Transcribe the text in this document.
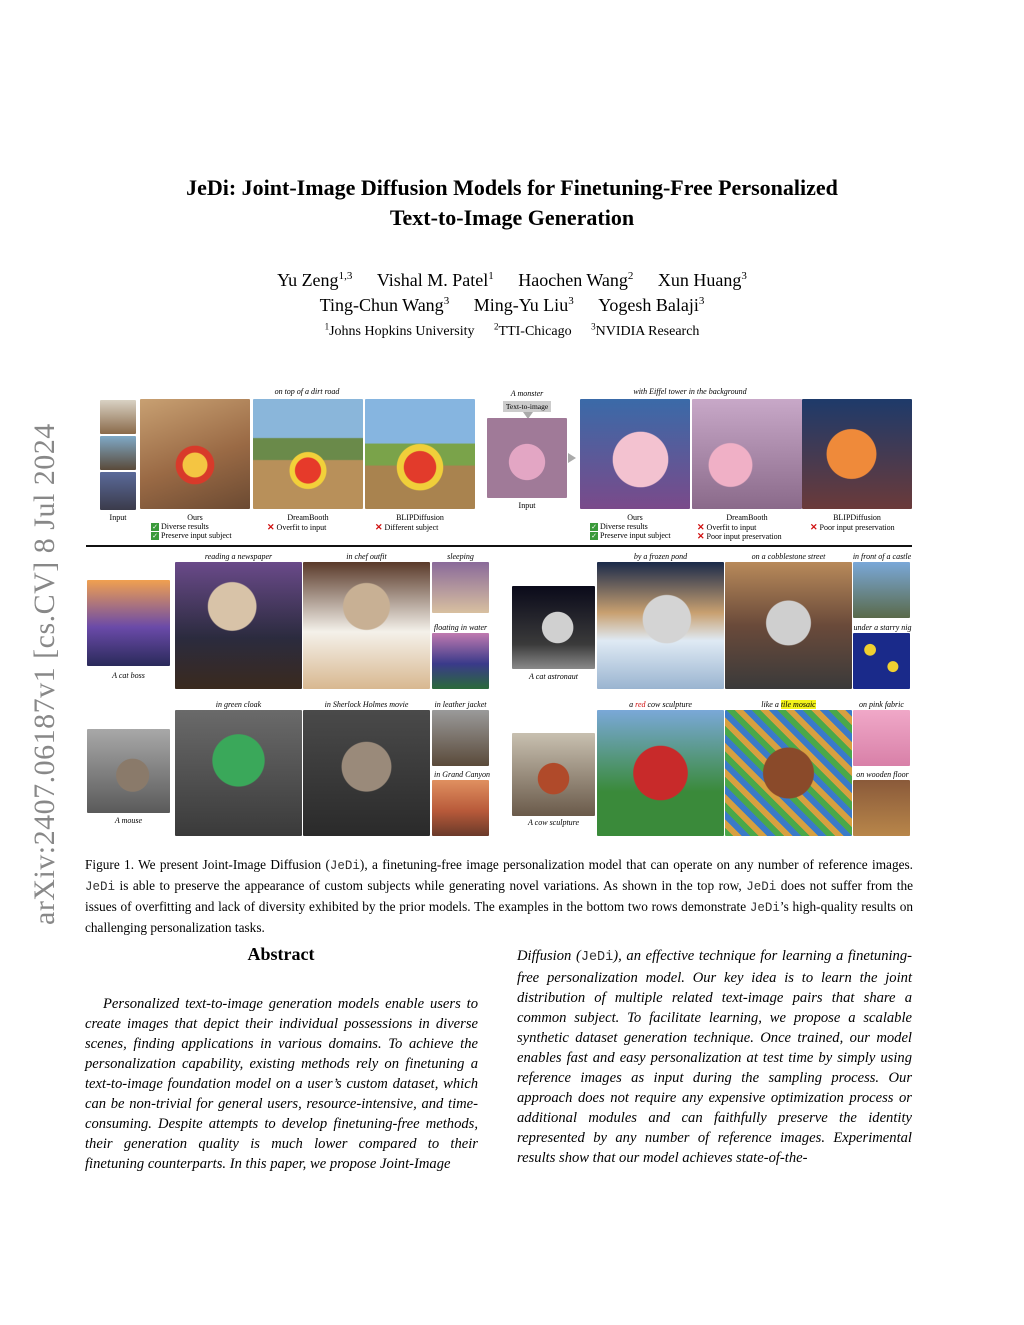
arXiv:2407.06187v1 [cs.CV] 8 Jul 2024
JeDi: Joint-Image Diffusion Models for Finetuning-Free Personalized
Text-to-Image Generation
Yu Zeng$^{1,3}$ Vishal M. Patel$^1$ Haochen Wang$^2$ Xun Huang$^3$
Ting-Chun Wang$^3$ Ming-Yu Liu$^3$ Yogesh Balaji$^3$
$^1$Johns Hopkins University $^2$TTI-Chicago $^3$NVIDIA Research
Input
on top of a dirt road
Ours
✓ Diverse results
✓ Preserve input subject
DreamBooth
✕ Overfit to input
BLIPDiffusion
✕ Different subject
A monster
Text-to-image
Input
with Eiffel tower in the background
Ours
✓ Diverse results
✓ Preserve input subject
DreamBooth
✕ Overfit to input
✕ Poor input preservation
BLIPDiffusion
✕ Poor input preservation
A cat boss
reading a newspaper	in chef outfit	sleeping
floating in water
A cat astronaut
by a frozen pond	on a cobblestone street	in front of a castle
under a starry nig
A mouse
in green cloak	in Sherlock Holmes movie	in leather jacket
in Grand Canyon
A cow sculpture
a red cow sculpture	like a tile mosaic	on pink fabric
on wooden floor
Figure 1. We present Joint-Image Diffusion (JeDi), a finetuning-free image personalization model that can operate on any number of reference images. JeDi is able to preserve the appearance of custom subjects while generating novel variations. As shown in the top row, JeDi does not suffer from the issues of overfitting and lack of diversity exhibited by the prior models. The examples in the bottom two rows demonstrate JeDi’s high-quality results on challenging personalization tasks.
Abstract
Personalized text-to-image generation models enable users to create images that depict their individual possessions in diverse scenes, finding applications in various domains. To achieve the personalization capability, existing methods rely on finetuning a text-to-image foundation model on a user’s custom dataset, which can be non-trivial for general users, resource-intensive, and time-consuming. Despite attempts to develop finetuning-free methods, their generation quality is much lower compared to their finetuning counterparts. In this paper, we propose Joint-Image
Diffusion (JeDi), an effective technique for learning a finetuning-free personalization model. Our key idea is to learn the joint distribution of multiple related text-image pairs that share a common subject. To facilitate learning, we propose a scalable synthetic dataset generation technique. Once trained, our model enables fast and easy personalization at test time by simply using reference images as input during the sampling process. Our approach does not require any expensive optimization process or additional modules and can faithfully preserve the identity represented by any number of reference images. Experimental results show that our model achieves state-of-the-
